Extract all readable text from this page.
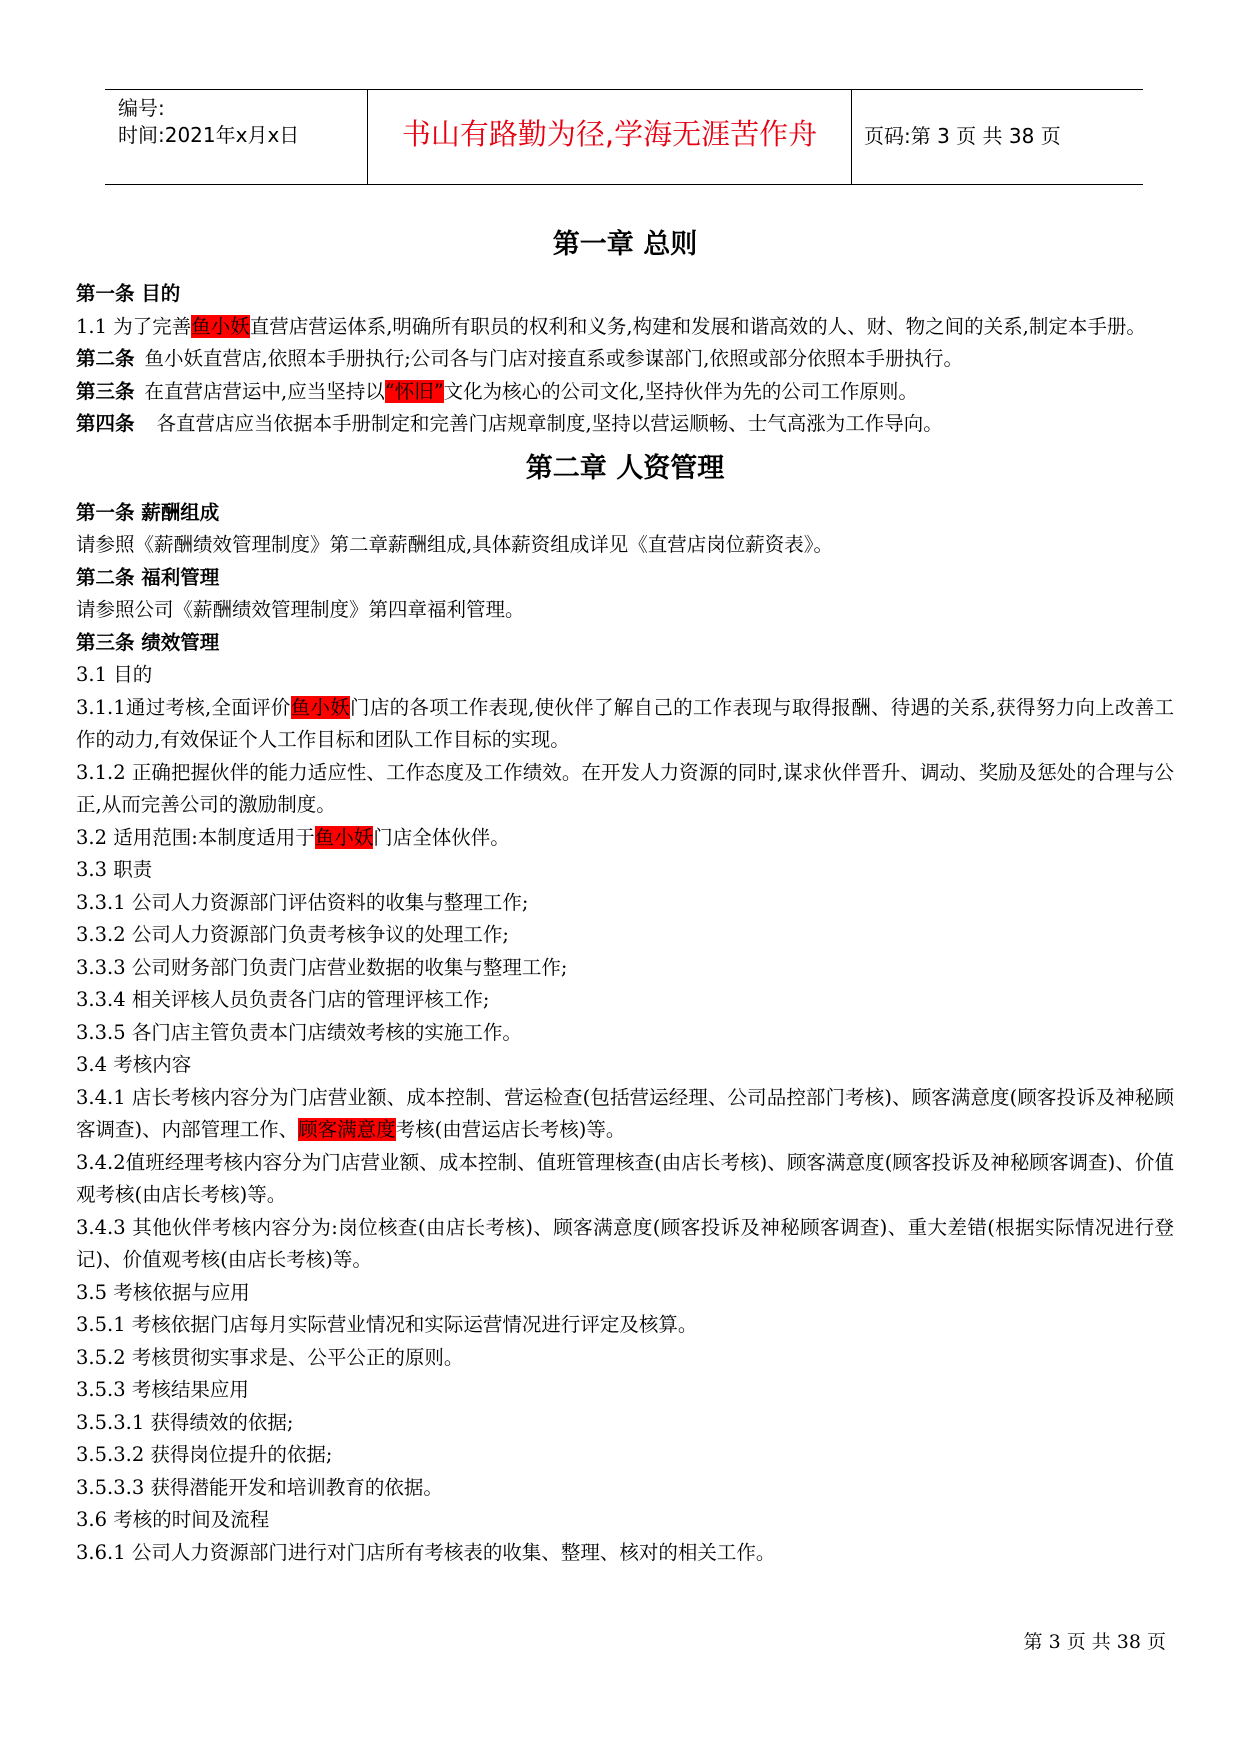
编号:
时间:2021年x月x日	书山有路勤为径,学海无涯苦作舟	页码:第 3 页 共 38 页
第一章 总则
第一条 目的
1.1 为了完善鱼小妖直营店营运体系,明确所有职员的权利和义务,构建和发展和谐高效的人、财、物之间的关系,制定本手册。
第二条 鱼小妖直营店,依照本手册执行;公司各与门店对接直系或参谋部门,依照或部分依照本手册执行。
第三条 在直营店营运中,应当坚持以“怀旧”文化为核心的公司文化,坚持伙伴为先的公司工作原则。
第四条 各直营店应当依据本手册制定和完善门店规章制度,坚持以营运顺畅、士气高涨为工作导向。
第二章 人资管理
第一条 薪酬组成
请参照《薪酬绩效管理制度》第二章薪酬组成,具体薪资组成详见《直营店岗位薪资表》。
第二条 福利管理
请参照公司《薪酬绩效管理制度》第四章福利管理。
第三条 绩效管理
3.1 目的
3.1.1通过考核,全面评价鱼小妖门店的各项工作表现,使伙伴了解自己的工作表现与取得报酬、待遇的关系,获得努力向上改善工作的动力,有效保证个人工作目标和团队工作目标的实现。
3.1.2 正确把握伙伴的能力适应性、工作态度及工作绩效。在开发人力资源的同时,谋求伙伴晋升、调动、奖励及惩处的合理与公正,从而完善公司的激励制度。
3.2 适用范围:本制度适用于鱼小妖门店全体伙伴。
3.3 职责
3.3.1 公司人力资源部门评估资料的收集与整理工作;
3.3.2 公司人力资源部门负责考核争议的处理工作;
3.3.3 公司财务部门负责门店营业数据的收集与整理工作;
3.3.4 相关评核人员负责各门店的管理评核工作;
3.3.5 各门店主管负责本门店绩效考核的实施工作。
3.4 考核内容
3.4.1 店长考核内容分为门店营业额、成本控制、营运检查(包括营运经理、公司品控部门考核)、顾客满意度(顾客投诉及神秘顾客调查)、内部管理工作、顾客满意度考核(由营运店长考核)等。
3.4.2值班经理考核内容分为门店营业额、成本控制、值班管理核查(由店长考核)、顾客满意度(顾客投诉及神秘顾客调查)、价值观考核(由店长考核)等。
3.4.3 其他伙伴考核内容分为:岗位核查(由店长考核)、顾客满意度(顾客投诉及神秘顾客调查)、重大差错(根据实际情况进行登记)、价值观考核(由店长考核)等。
3.5 考核依据与应用
3.5.1 考核依据门店每月实际营业情况和实际运营情况进行评定及核算。
3.5.2 考核贯彻实事求是、公平公正的原则。
3.5.3 考核结果应用
3.5.3.1 获得绩效的依据;
3.5.3.2 获得岗位提升的依据;
3.5.3.3 获得潜能开发和培训教育的依据。
3.6 考核的时间及流程
3.6.1 公司人力资源部门进行对门店所有考核表的收集、整理、核对的相关工作。
第 3 页 共 38 页
